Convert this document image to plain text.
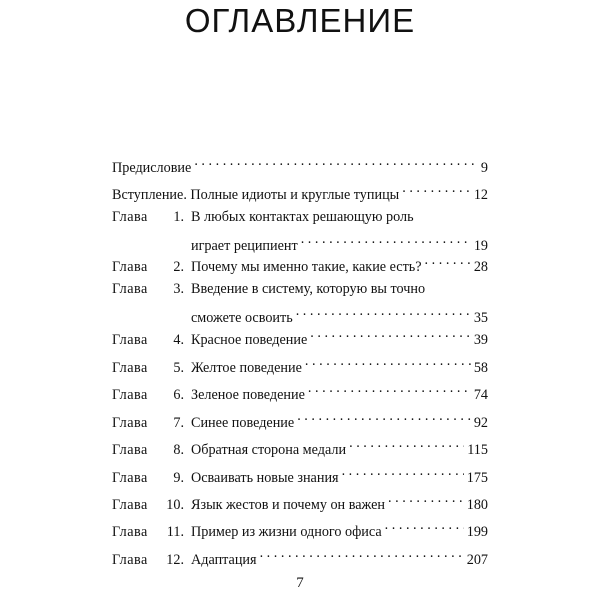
ОГЛАВЛЕНИЕ
Предисловие . . .	9
Вступление. Полные идиоты и круглые тупицы . . .	12
Глава	1. В любых контактах решающую роль
играет реципиент . . .	19
Глава	2. Почему мы именно такие, какие есть? . . .	28
Глава	3. Введение в систему, которую вы точно
сможете освоить . . .	35
Глава	4. Красное поведение . . .	39
Глава	5. Желтое поведение . . .	58
Глава	6. Зеленое поведение . . .	74
Глава	7. Синее поведение . . .	92
Глава	8. Обратная сторона медали . . .	115
Глава	9. Осваивать новые знания . . .	175
Глава	10. Язык жестов и почему он важен . . .	180
Глава	11. Пример из жизни одного офиса . . .	199
Глава	12. Адаптация . . .	207
7
